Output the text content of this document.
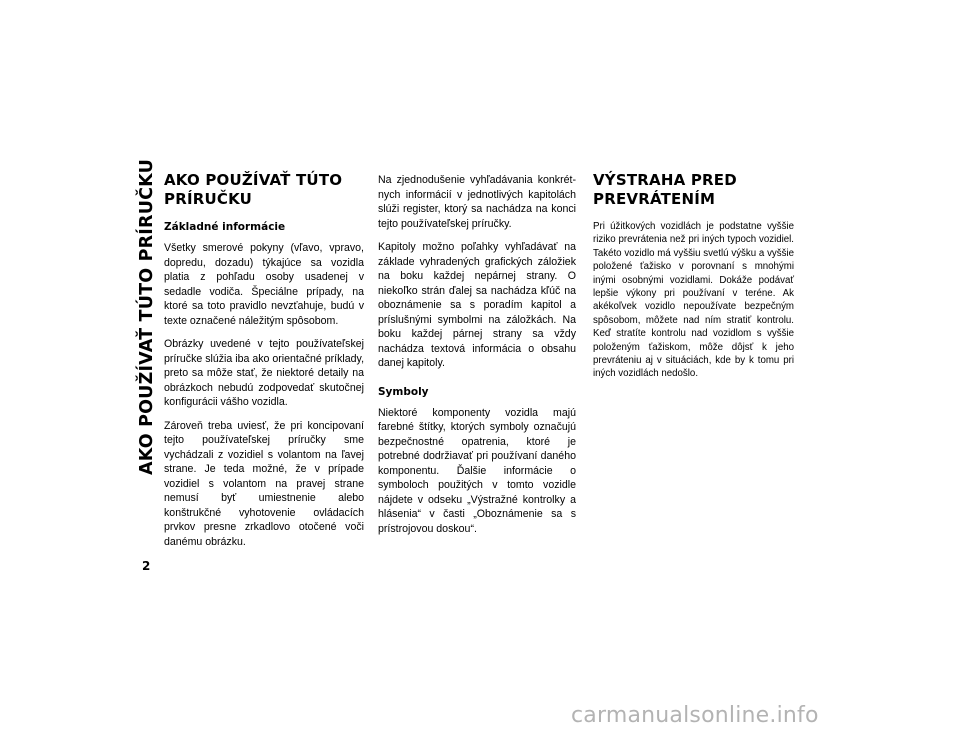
AKO POUŽÍVAŤ TÚTO PRÍRUČKU
2
AKO POUŽÍVAŤ TÚTO PRÍRUČKU
Základné informácie

Všetky smerové pokyny (vľavo, vpravo, dopredu, dozadu) týkajúce sa vozidla platia z pohľadu osoby usadenej v sedadle vodiča. Špeciálne prípady, na ktoré sa toto pravidlo nevzťahuje, budú v texte označené náležitým spôsobom.

Obrázky uvedené v tejto používateľskej príručke slúžia iba ako orientačné príklady, preto sa môže stať, že niektoré detaily na obrázkoch nebudú zodpovedať skutočnej konfigurácii vášho vozidla.

Zároveň treba uviesť, že pri koncipovaní tejto používateľskej príručky sme vychádzali z vozidiel s volantom na ľavej strane. Je teda možné, že v prípade vozidiel s volantom na pravej strane nemusí byť umiestnenie alebo konštrukčné vyhotovenie ovládacích prvkov presne zrkadlovo otočené voči danému obrázku.

Na zjednodušenie vyhľadávania konkrétnych informácií v jednotlivých kapitolách slúži register, ktorý sa nachádza na konci tejto používateľskej príručky.

Kapitoly možno poľahky vyhľadávať na základe vyhradených grafických záložiek na boku každej nepárnej strany. O niekoľko strán ďalej sa nachádza kľúč na oboznámenie sa s poradím kapitol a príslušnými symbolmi na záložkách. Na boku každej párnej strany sa vždy nachádza textová informácia o obsahu danej kapitoly.

Symboly

Niektoré komponenty vozidla majú farebné štítky, ktorých symboly označujú bezpečnostné opatrenia, ktoré je potrebné dodržiavať pri používaní daného komponentu. Ďalšie informácie o symboloch použitých v tomto vozidle nájdete v odseku „Výstražné kontrolky a hlásenia“ v časti „Oboznámenie sa s prístrojovou doskou“.

VÝSTRAHA PRED PREVRÁTENÍM

Pri úžitkových vozidlách je podstatne vyššie riziko prevrátenia než pri iných typoch vozidiel. Takéto vozidlo má vyššiu svetlú výšku a vyššie položené ťažisko v porovnaní s mnohými inými osobnými vozidlami. Dokáže podávať lepšie výkony pri používaní v teréne. Ak akékoľvek vozidlo nepoužívate bezpečným spôsobom, môžete nad ním stratiť kontrolu. Keď stratíte kontrolu nad vozidlom s vyššie položeným ťažiskom, môže dôjsť k jeho prevráteniu aj v situáciách, kde by k tomu pri iných vozidlách nedošlo.

carmanualsonline.info
